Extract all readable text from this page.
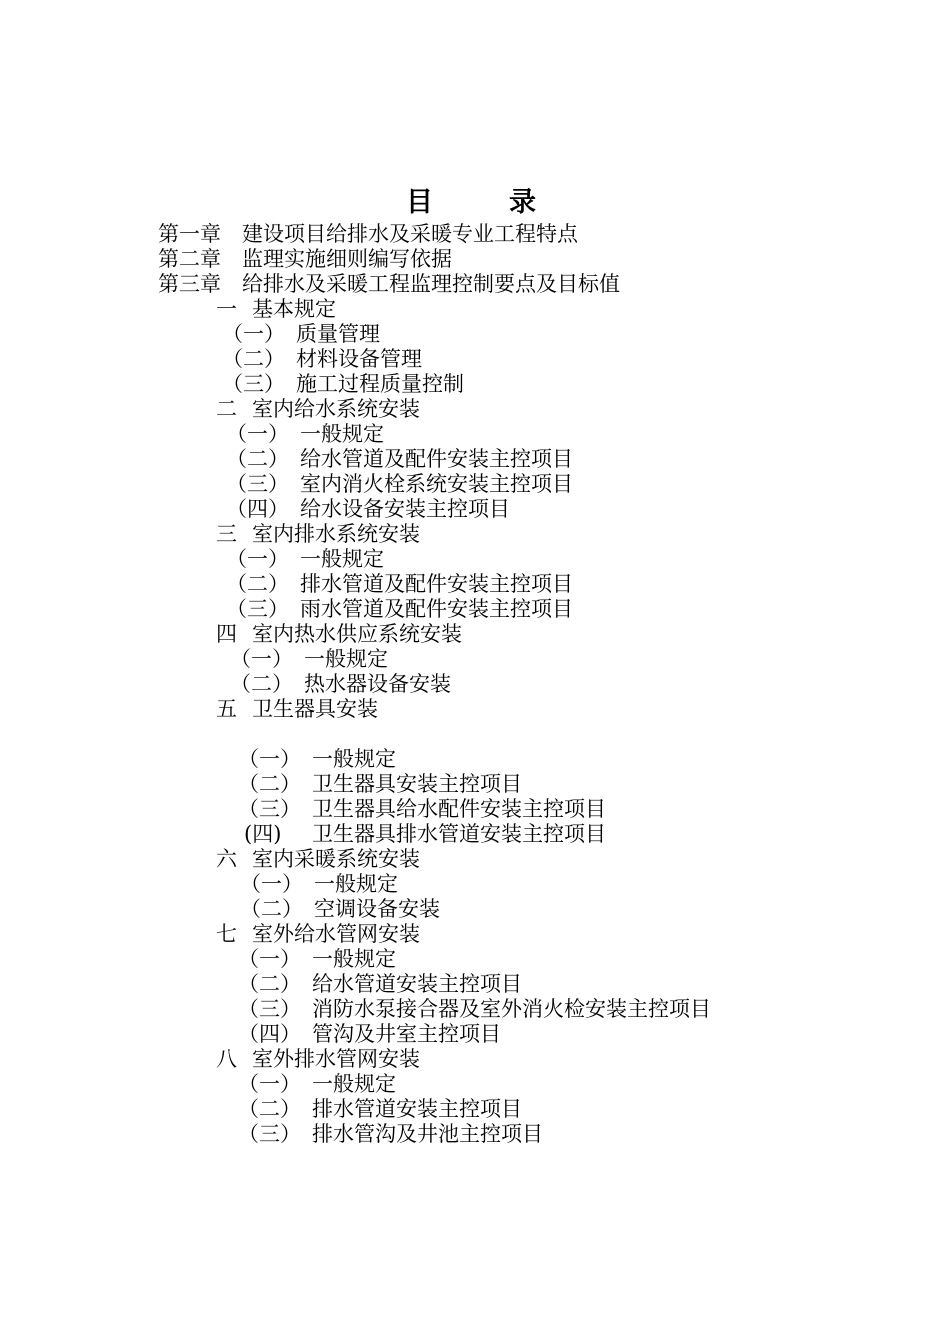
目	录
第一章 建设项目给排水及采暖专业工程特点
第二章 监理实施细则编写依据
第三章 给排水及采暖工程监理控制要点及目标值
一 基本规定
（一） 质量管理
（二） 材料设备管理
（三） 施工过程质量控制
二 室内给水系统安装
（一） 一般规定
（二） 给水管道及配件安装主控项目
（三） 室内消火栓系统安装主控项目
（四） 给水设备安装主控项目
三 室内排水系统安装
（一） 一般规定
（二） 排水管道及配件安装主控项目
（三） 雨水管道及配件安装主控项目
四 室内热水供应系统安装
（一） 一般规定
（二） 热水器设备安装
五 卫生器具安装
（一） 一般规定
（二） 卫生器具安装主控项目
（三） 卫生器具给水配件安装主控项目
(四) 卫生器具排水管道安装主控项目
六 室内采暖系统安装
（一） 一般规定
（二） 空调设备安装
七 室外给水管网安装
（一） 一般规定
（二） 给水管道安装主控项目
（三） 消防水泵接合器及室外消火检安装主控项目
（四） 管沟及井室主控项目
八 室外排水管网安装
（一） 一般规定
（二） 排水管道安装主控项目
（三） 排水管沟及井池主控项目
